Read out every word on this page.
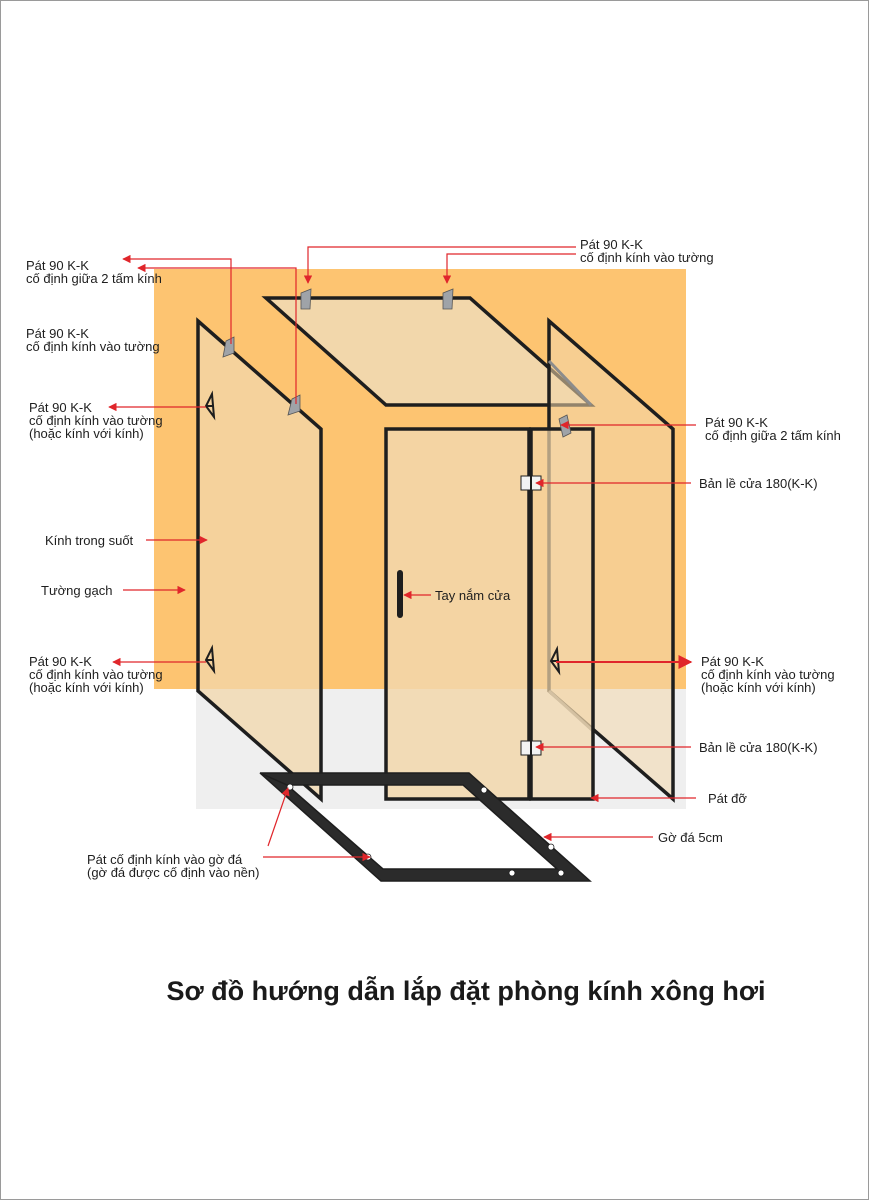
Pát 90 K-K
cố định giữa 2 tấm kính
Pát 90 K-K
cố định kính vào tường
Pát 90 K-K
cố định kính vào tường
(hoặc kính với kính)
Kính trong suốt
Tường gạch
Pát 90 K-K
cố định kính vào tường
(hoặc kính với kính)
Pát cố định kính vào gờ đá
(gờ đá được cố định vào nền)
Pát 90 K-K
cố định kính vào tường
Pát 90 K-K
cố định giữa 2 tấm kính
Bản lề cửa 180(K-K)
Tay nắm cửa
Pát 90 K-K
cố định kính vào tường
(hoặc kính với kính)
Bản lề cửa 180(K-K)
Pát đỡ
Gờ đá 5cm
Sơ đồ hướng dẫn lắp đặt phòng kính xông hơi
